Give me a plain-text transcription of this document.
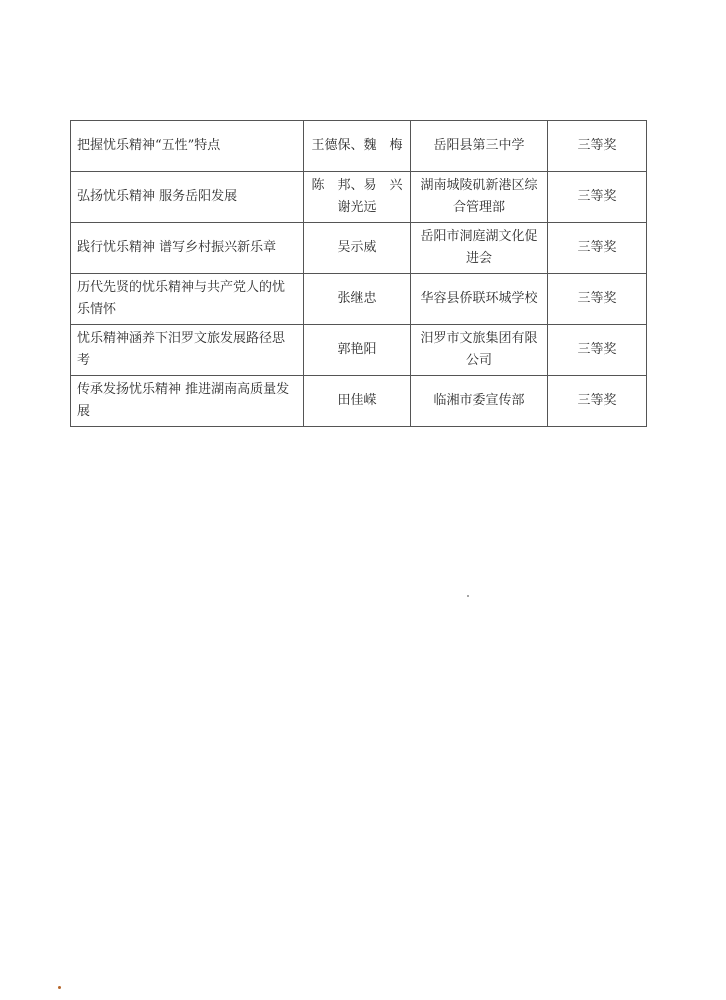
把握忧乐精神“五性”特点	王德保、魏　梅	岳阳县第三中学	三等奖
弘扬忧乐精神 服务岳阳发展	陈　邦、易　兴 谢光远	湖南城陵矶新港区综合管理部	三等奖
践行忧乐精神 谱写乡村振兴新乐章	吴示威	岳阳市洞庭湖文化促进会	三等奖
历代先贤的忧乐精神与共产党人的忧乐情怀	张继忠	华容县侨联环城学校	三等奖
忧乐精神涵养下汨罗文旅发展路径思考	郭艳阳	汨罗市文旅集团有限公司	三等奖
传承发扬忧乐精神 推进湖南高质量发展	田佳嵘	临湘市委宣传部	三等奖
